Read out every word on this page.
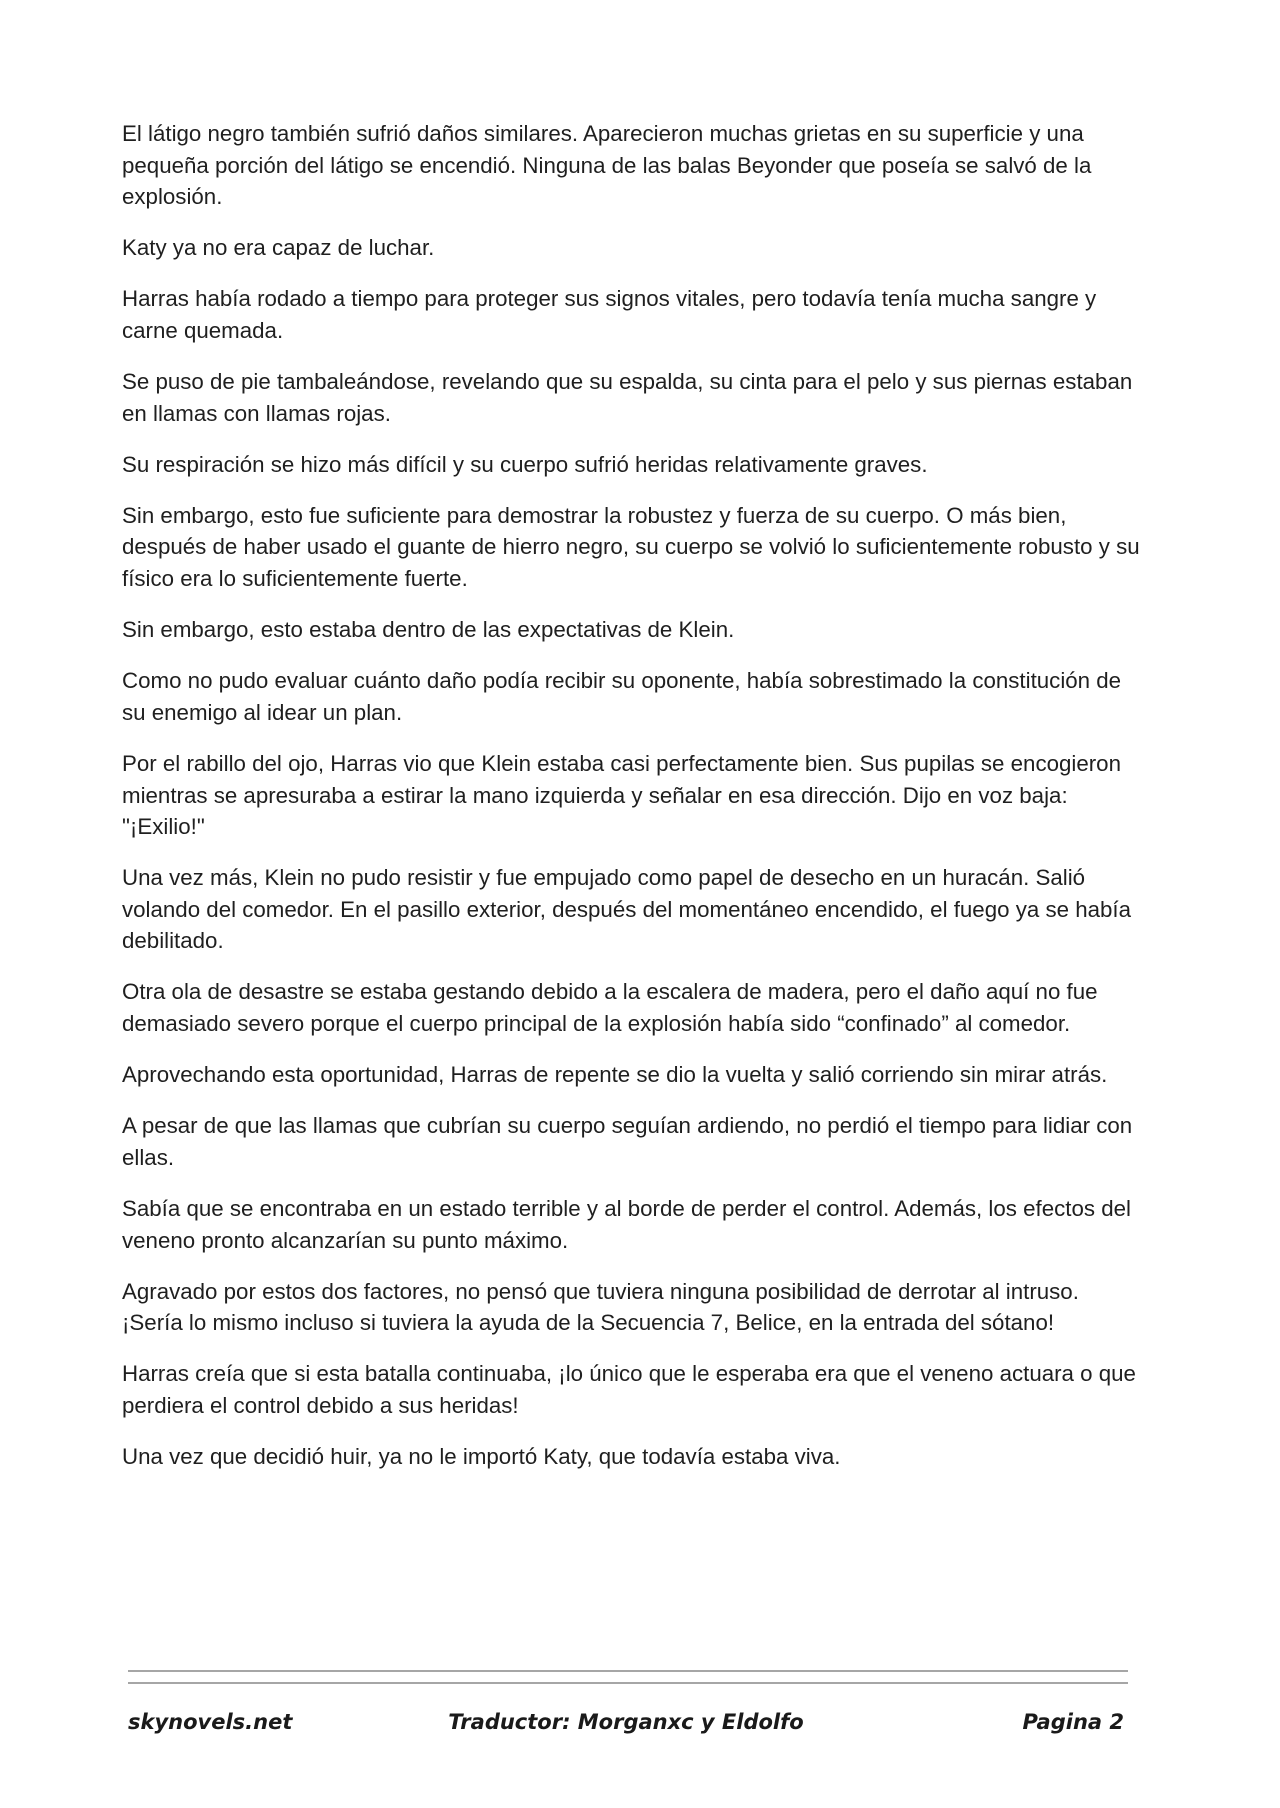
El látigo negro también sufrió daños similares. Aparecieron muchas grietas en su superficie y una pequeña porción del látigo se encendió. Ninguna de las balas Beyonder que poseía se salvó de la explosión.

Katy ya no era capaz de luchar.

Harras había rodado a tiempo para proteger sus signos vitales, pero todavía tenía mucha sangre y carne quemada.

Se puso de pie tambaleándose, revelando que su espalda, su cinta para el pelo y sus piernas estaban en llamas con llamas rojas.

Su respiración se hizo más difícil y su cuerpo sufrió heridas relativamente graves.

Sin embargo, esto fue suficiente para demostrar la robustez y fuerza de su cuerpo. O más bien, después de haber usado el guante de hierro negro, su cuerpo se volvió lo suficientemente robusto y su físico era lo suficientemente fuerte.

Sin embargo, esto estaba dentro de las expectativas de Klein.

Como no pudo evaluar cuánto daño podía recibir su oponente, había sobrestimado la constitución de su enemigo al idear un plan.

Por el rabillo del ojo, Harras vio que Klein estaba casi perfectamente bien. Sus pupilas se encogieron mientras se apresuraba a estirar la mano izquierda y señalar en esa dirección. Dijo en voz baja: "¡Exilio!"

Una vez más, Klein no pudo resistir y fue empujado como papel de desecho en un huracán. Salió volando del comedor. En el pasillo exterior, después del momentáneo encendido, el fuego ya se había debilitado.

Otra ola de desastre se estaba gestando debido a la escalera de madera, pero el daño aquí no fue demasiado severo porque el cuerpo principal de la explosión había sido “confinado” al comedor.

Aprovechando esta oportunidad, Harras de repente se dio la vuelta y salió corriendo sin mirar atrás.

A pesar de que las llamas que cubrían su cuerpo seguían ardiendo, no perdió el tiempo para lidiar con ellas.

Sabía que se encontraba en un estado terrible y al borde de perder el control. Además, los efectos del veneno pronto alcanzarían su punto máximo.

Agravado por estos dos factores, no pensó que tuviera ninguna posibilidad de derrotar al intruso. ¡Sería lo mismo incluso si tuviera la ayuda de la Secuencia 7, Belice, en la entrada del sótano!

Harras creía que si esta batalla continuaba, ¡lo único que le esperaba era que el veneno actuara o que perdiera el control debido a sus heridas!

Una vez que decidió huir, ya no le importó Katy, que todavía estaba viva.

skynovels.net	Traductor: Morganxc y Eldolfo	Pagina 2
